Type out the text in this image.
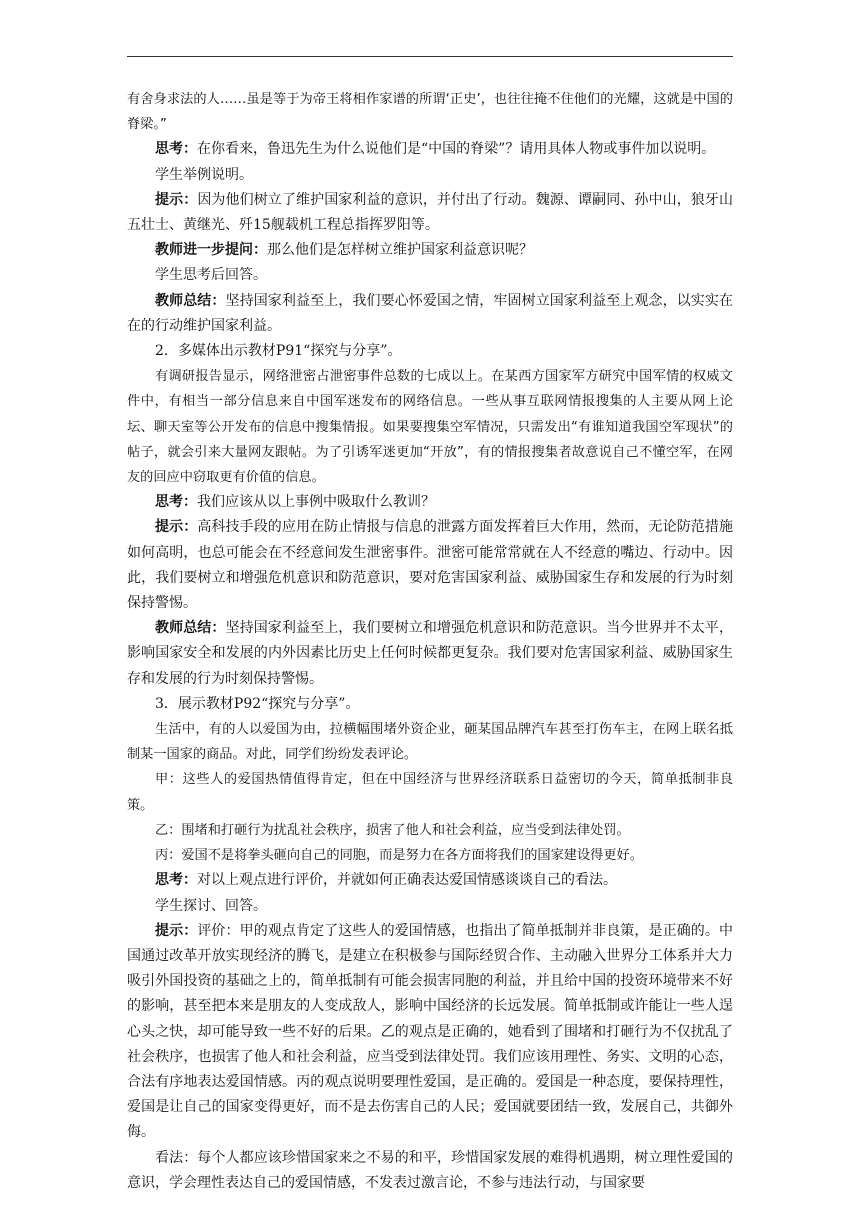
有舍身求法的人……虽是等于为帝王将相作家谱的所谓‘正史’，也往往掩不住他们的光耀，这就是中国的脊梁。”

思考：在你看来，鲁迅先生为什么说他们是“中国的脊梁”？请用具体人物或事件加以说明。

学生举例说明。

提示：因为他们树立了维护国家利益的意识，并付出了行动。魏源、谭嗣同、孙中山，狼牙山五壮士、黄继光、歼15舰载机工程总指挥罗阳等。

教师进一步提问：那么他们是怎样树立维护国家利益意识呢？

学生思考后回答。

教师总结：坚持国家利益至上，我们要心怀爱国之情，牢固树立国家利益至上观念，以实实在在的行动维护国家利益。

2．多媒体出示教材P91“探究与分享”。

有调研报告显示，网络泄密占泄密事件总数的七成以上。在某西方国家军方研究中国军情的权威文件中，有相当一部分信息来自中国军迷发布的网络信息。一些从事互联网情报搜集的人主要从网上论坛、聊天室等公开发布的信息中搜集情报。如果要搜集空军情况，只需发出“有谁知道我国空军现状”的帖子，就会引来大量网友跟帖。为了引诱军迷更加“开放”，有的情报搜集者故意说自己不懂空军，在网友的回应中窃取更有价值的信息。

思考：我们应该从以上事例中吸取什么教训？

提示：高科技手段的应用在防止情报与信息的泄露方面发挥着巨大作用，然而，无论防范措施如何高明，也总可能会在不经意间发生泄密事件。泄密可能常常就在人不经意的嘴边、行动中。因此，我们要树立和增强危机意识和防范意识，要对危害国家利益、威胁国家生存和发展的行为时刻保持警惕。

教师总结：坚持国家利益至上，我们要树立和增强危机意识和防范意识。当今世界并不太平，影响国家安全和发展的内外因素比历史上任何时候都更复杂。我们要对危害国家利益、威胁国家生存和发展的行为时刻保持警惕。

3．展示教材P92“探究与分享”。

生活中，有的人以爱国为由，拉横幅围堵外资企业，砸某国品牌汽车甚至打伤车主，在网上联名抵制某一国家的商品。对此，同学们纷纷发表评论。

甲：这些人的爱国热情值得肯定，但在中国经济与世界经济联系日益密切的今天，简单抵制非良策。

乙：围堵和打砸行为扰乱社会秩序，损害了他人和社会利益，应当受到法律处罚。

丙：爱国不是将拳头砸向自己的同胞，而是努力在各方面将我们的国家建设得更好。

思考：对以上观点进行评价，并就如何正确表达爱国情感谈谈自己的看法。

学生探讨、回答。

提示：评价：甲的观点肯定了这些人的爱国情感，也指出了简单抵制并非良策，是正确的。中国通过改革开放实现经济的腾飞，是建立在积极参与国际经贸合作、主动融入世界分工体系并大力吸引外国投资的基础之上的，简单抵制有可能会损害同胞的利益，并且给中国的投资环境带来不好的影响，甚至把本来是朋友的人变成敌人，影响中国经济的长远发展。简单抵制或许能让一些人逞心头之快，却可能导致一些不好的后果。乙的观点是正确的，她看到了围堵和打砸行为不仅扰乱了社会秩序，也损害了他人和社会利益，应当受到法律处罚。我们应该用理性、务实、文明的心态，合法有序地表达爱国情感。丙的观点说明要理性爱国，是正确的。爱国是一种态度，要保持理性，爱国是让自己的国家变得更好，而不是去伤害自己的人民；爱国就要团结一致，发展自己，共御外侮。

看法：每个人都应该珍惜国家来之不易的和平，珍惜国家发展的难得机遇期，树立理性爱国的意识，学会理性表达自己的爱国情感，不发表过激言论，不参与违法行动，与国家要
